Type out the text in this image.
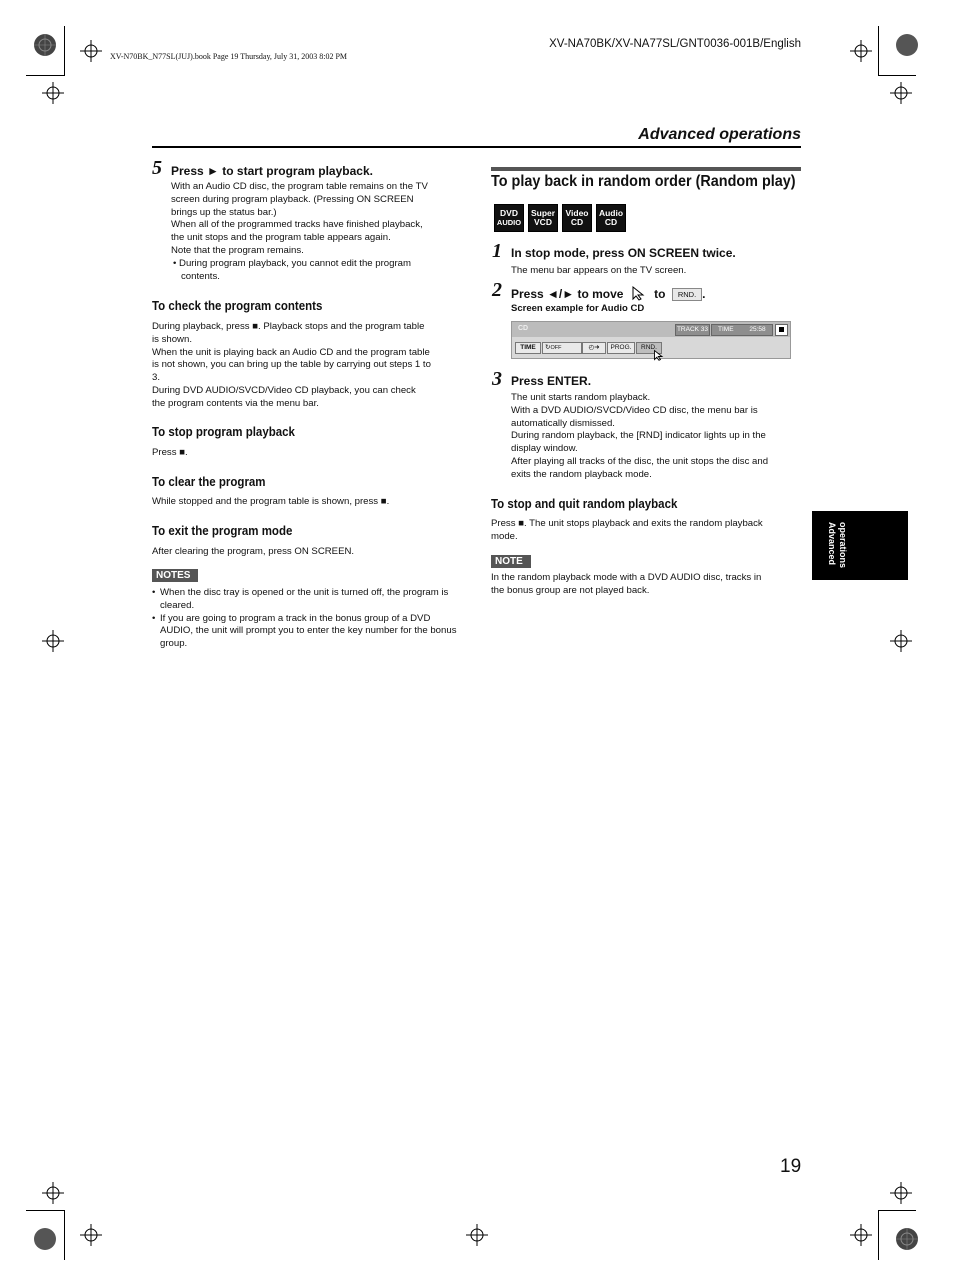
XV-N70BK_N77SL(JUJ).book Page 19 Thursday, July 31, 2003 8:02 PM
XV-NA70BK/XV-NA77SL/GNT0036-001B/English
Advanced operations
5 Press ► to start program playback.
With an Audio CD disc, the program table remains on the TV
screen during program playback. (Pressing ON SCREEN
brings up the status bar.)
When all of the programmed tracks have finished playback,
the unit stops and the program table appears again.
Note that the program remains.
• During program playback, you cannot edit the program contents.
To check the program contents
During playback, press ■. Playback stops and the program table
is shown.
When the unit is playing back an Audio CD and the program table
is not shown, you can bring up the table by carrying out steps 1 to
3.
During DVD AUDIO/SVCD/Video CD playback, you can check
the program contents via the menu bar.
To stop program playback
Press ■.
To clear the program
While stopped and the program table is shown, press ■.
To exit the program mode
After clearing the program, press ON SCREEN.
NOTES
• When the disc tray is opened or the unit is turned off, the program is cleared.
• If you are going to program a track in the bonus group of a DVD AUDIO, the unit will prompt you to enter the key number for the bonus group.
To play back in random order (Random play)
DVD
AUDIO
Super
VCD
Video
CD
Audio
CD
1 In stop mode, press ON SCREEN twice.
The menu bar appears on the TV screen.
2 Press ◄/► to move	to RND. .
Screen example for Audio CD
CD	TRACK 33	TIME 25:58
TIME	↻OFF	◴➜	PROG.	RND.
3 Press ENTER.
The unit starts random playback.
With a DVD AUDIO/SVCD/Video CD disc, the menu bar is
automatically dismissed.
During random playback, the [RND] indicator lights up in the
display window.
After playing all tracks of the disc, the unit stops the disc and
exits the random playback mode.
To stop and quit random playback
Press ■. The unit stops playback and exits the random playback
mode.
NOTE
In the random playback mode with a DVD AUDIO disc, tracks in
the bonus group are not played back.
Advanced operations
19
